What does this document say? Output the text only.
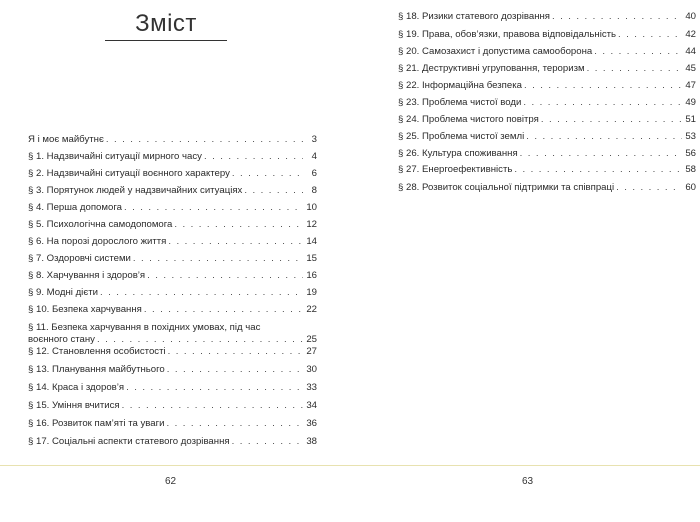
Зміст
Я і моє майбутнє . . .	3
§ 1. Надзвичайні ситуації мирного часу . . .	4
§ 2. Надзвичайні ситуації воєнного характеру . . .	6
§ 3. Порятунок людей у надзвичайних ситуаціях . . .	8
§ 4. Перша допомога . . .	10
§ 5. Психологічна самодопомога . . .	12
§ 6. На порозі дорослого життя . . .	14
§ 7. Оздоровчі системи . . .	15
§ 8. Харчування і здоров’я . . .	16
§ 9. Модні дієти . . .	19
§ 10. Безпека харчування . . .	22
§ 11. Безпека харчування в похідних умовах, під час
воєнного стану . . .	25
§ 12. Становлення особистості . . .	27
§ 13. Планування майбутнього . . .	30
§ 14. Краса і здоров’я . . .	33
§ 15. Уміння вчитися . . .	34
§ 16. Розвиток пам’яті та уваги . . .	36
§ 17. Соціальні аспекти статевого дозрівання . . .	38
62
§ 18. Ризики статевого дозрівання . . .	40
§ 19. Права, обов’язки, правова відповідальність . . .	42
§ 20. Самозахист і допустима самооборона . . .	44
§ 21. Деструктивні угруповання, тероризм . . .	45
§ 22. Інформаційна безпека . . .	47
§ 23. Проблема чистої води . . .	49
§ 24. Проблема чистого повітря . . .	51
§ 25. Проблема чистої землі . . .	53
§ 26. Культура споживання . . .	56
§ 27. Енергоефективність . . .	58
§ 28. Розвиток соціальної підтримки та співпраці . . .	60
63
